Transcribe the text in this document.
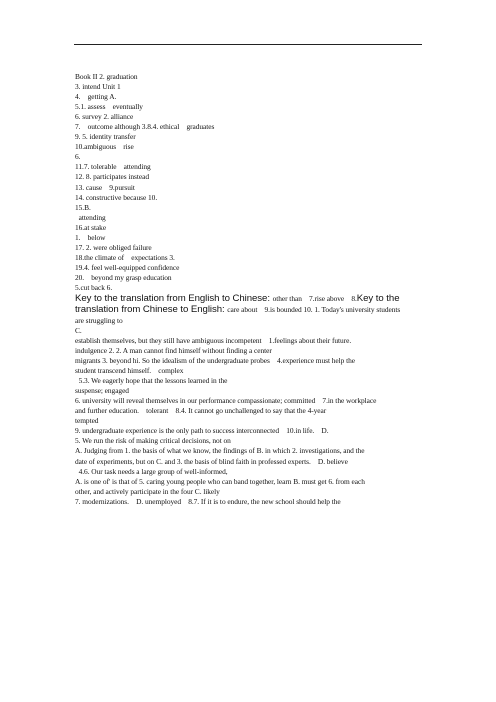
Book II 2. graduation
3. intend Unit 1
4.    getting A.
5.1. assess    eventually
6. survey 2. alliance
7.    outcome although 3.8.4. ethical    graduates
9. 5. identity transfer
10.ambiguous    rise
6.
11.7. tolerable    attending
12. 8. participates instead
13. cause    9.pursuit
14. constructive because 10.
15.B.
attending
16.at stake
1.    below
17. 2. were obliged failure
18.the climate of    expectations 3.
19.4. feel well-equipped confidence
20.    beyond my grasp education
5.cut back 6.
Key to the translation from English to Chinese: other than    7.rise above    8.Key to the
translation from Chinese to English: care about    9.is bounded 10. 1. Today's university students
are struggling to
C.
establish themselves, but they still have ambiguous incompetent    1.feelings about their future.
indulgence 2. 2. A man cannot find himself without finding a center
migrants 3. beyond hi. So the idealism of the undergraduate probes    4.experience must help the
student transcend himself.    complex
5.3. We eagerly hope that the lessons learned in the
suspense; engaged
6. university will reveal themselves in our performance compassionate; committed    7.in the workplace
and further education.    tolerant    8.4. It cannot go unchallenged to say that the 4-year
tempted
9. undergraduate experience is the only path to success interconnected    10.in life.    D.
5. We run the risk of making critical decisions, not on
A. Judging from 1. the basis of what we know, the findings of B. in which 2. investigations, and the
date of experiments, but on C. and 3. the basis of blind faith in professed experts.    D. believe
4.6. Our task needs a large group of well-informed,
A. is one of' is that of 5. caring young people who can band together, learn B. must get 6. from each
other, and actively participate in the four C. likely
7. modernizations.    D. unemployed    8.7. If it is to endure, the new school should help the
